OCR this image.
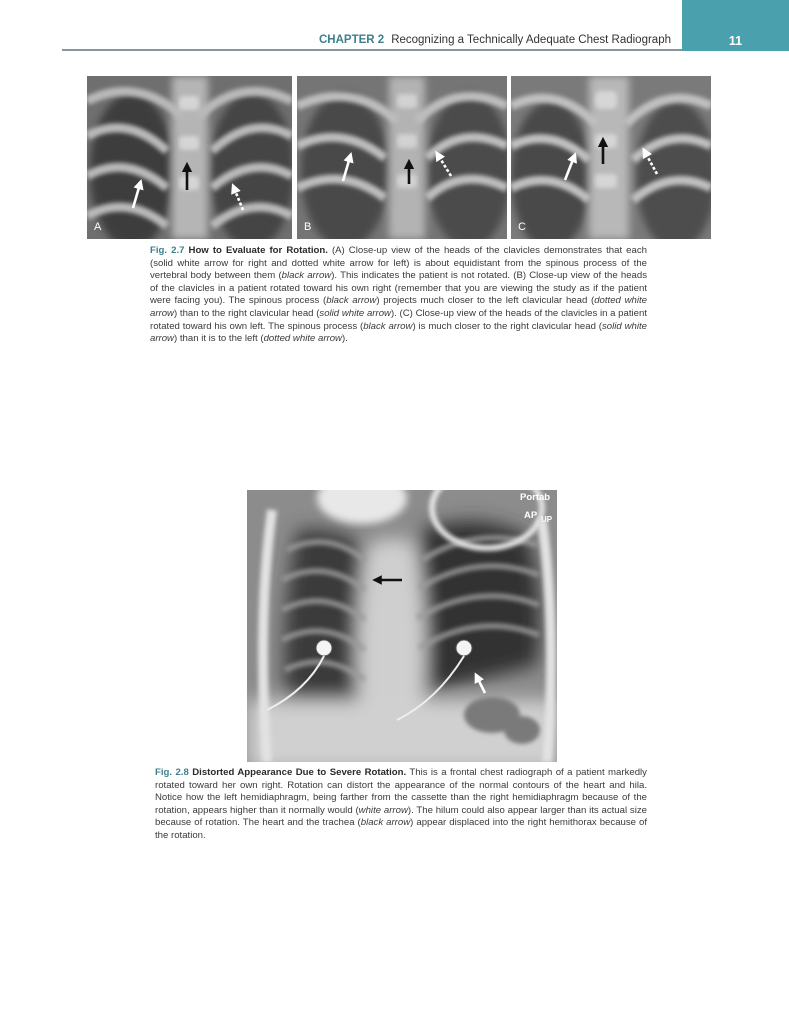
CHAPTER 2 Recognizing a Technically Adequate Chest Radiograph	11
A	B	C
Fig. 2.7 How to Evaluate for Rotation. (A) Close-up view of the heads of the clavicles demonstrates that each (solid white arrow for right and dotted white arrow for left) is about equidistant from the spinous process of the vertebral body between them (black arrow). This indicates the patient is not rotated. (B) Close-up view of the heads of the clavicles in a patient rotated toward his own right (remember that you are viewing the study as if the patient were facing you). The spinous process (black arrow) projects much closer to the left clavicular head (dotted white arrow) than to the right clavicular head (solid white arrow). (C) Close-up view of the heads of the clavicles in a patient rotated toward his own left. The spinous process (black arrow) is much closer to the right clavicular head (solid white arrow) than it is to the left (dotted white arrow).
Portab
AP UP
Fig. 2.8 Distorted Appearance Due to Severe Rotation. This is a frontal chest radiograph of a patient markedly rotated toward her own right. Rotation can distort the appearance of the normal contours of the heart and hila. Notice how the left hemidiaphragm, being farther from the cassette than the right hemidiaphragm because of the rotation, appears higher than it normally would (white arrow). The hilum could also appear larger than its actual size because of rotation. The heart and the trachea (black arrow) appear displaced into the right hemithorax because of the rotation.
